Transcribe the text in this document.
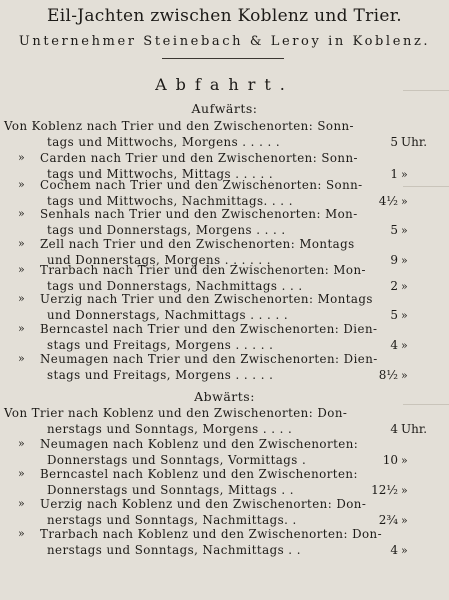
Eil-Jachten zwischen Koblenz und Trier.
Unternehmer Steinebach & Leroy in Koblenz.
Abfahrt.
Aufwärts:
Von Koblenz nach Trier und den Zwischenorten: Sonn-
tags und Mittwochs, Morgens . . . . .	5 Uhr.
» Carden nach Trier und den Zwischenorten: Sonn-
tags und Mittwochs, Mittags . . . . .	1 »
» Cochem nach Trier und den Zwischenorten: Sonn-
tags und Mittwochs, Nachmittags. . . .	4½ »
» Senhals nach Trier und den Zwischenorten: Mon-
tags und Donnerstags, Morgens . . . .	5 »
» Zell nach Trier und den Zwischenorten: Montags
und Donnerstags, Morgens . . . . . .	9 »
» Trarbach nach Trier und den Zwischenorten: Mon-
tags und Donnerstags, Nachmittags . . .	2 »
» Uerzig nach Trier und den Zwischenorten: Montags
und Donnerstags, Nachmittags . . . . .	5 »
» Berncastel nach Trier und den Zwischenorten: Dien-
stags und Freitags, Morgens . . . . .	4 »
» Neumagen nach Trier und den Zwischenorten: Dien-
stags und Freitags, Morgens . . . . .	8½ »
Abwärts:
Von Trier nach Koblenz und den Zwischenorten: Don-
nerstags und Sonntags, Morgens . . . .	4 Uhr.
» Neumagen nach Koblenz und den Zwischenorten:
Donnerstags und Sonntags, Vormittags .	10 »
» Berncastel nach Koblenz und den Zwischenorten:
Donnerstags und Sonntags, Mittags . .	12½ »
» Uerzig nach Koblenz und den Zwischenorten: Don-
nerstags und Sonntags, Nachmittags. .	2¾ »
» Trarbach nach Koblenz und den Zwischenorten: Don-
nerstags und Sonntags, Nachmittags . .	4 »
